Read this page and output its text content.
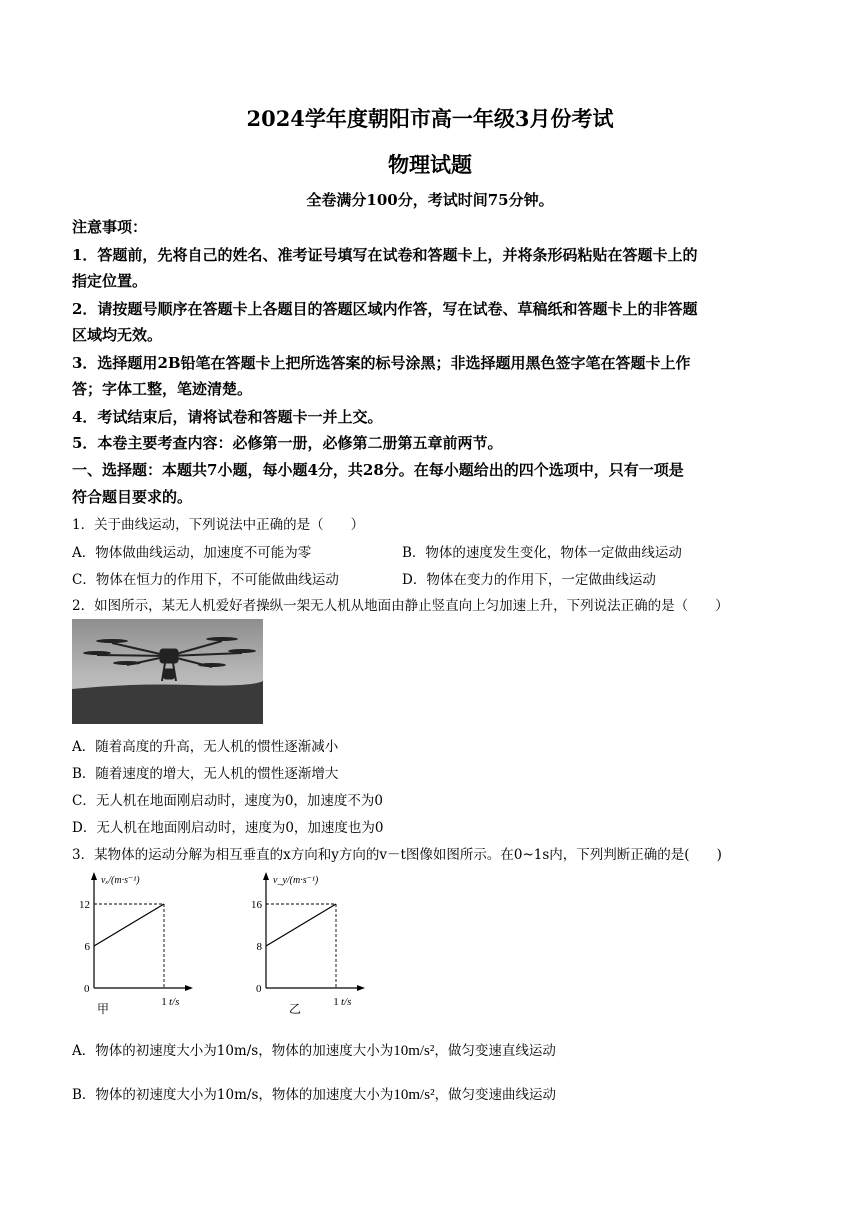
2024学年度朝阳市高一年级3月份考试
物理试题
全卷满分100分，考试时间75分钟。
注意事项：
1．答题前，先将自己的姓名、准考证号填写在试卷和答题卡上，并将条形码粘贴在答题卡上的
指定位置。
2．请按题号顺序在答题卡上各题目的答题区域内作答，写在试卷、草稿纸和答题卡上的非答题
区域均无效。
3．选择题用2B铅笔在答题卡上把所选答案的标号涂黑；非选择题用黑色签字笔在答题卡上作
答；字体工整，笔迹清楚。
4．考试结束后，请将试卷和答题卡一并上交。
5．本卷主要考查内容：必修第一册，必修第二册第五章前两节。
一、选择题：本题共7小题，每小题4分，共28分。在每小题给出的四个选项中，只有一项是
符合题目要求的。
1．关于曲线运动，下列说法中正确的是（　　）
A．物体做曲线运动，加速度不可能为零	B．物体的速度发生变化，物体一定做曲线运动
C．物体在恒力的作用下，不可能做曲线运动	D．物体在变力的作用下，一定做曲线运动
2．如图所示，某无人机爱好者操纵一架无人机从地面由静止竖直向上匀加速上升，下列说法正确的是（　　）
A．随着高度的升高，无人机的惯性逐渐减小
B．随着速度的增大，无人机的惯性逐渐增大
C．无人机在地面刚启动时，速度为0，加速度不为0
D．无人机在地面刚启动时，速度为0，加速度也为0
3．某物体的运动分解为相互垂直的x方向和y方向的v－t图像如图所示。在0~1s内，下列判断正确的是(　　)
vₓ/(m·s⁻¹)
t/s
0
6
12
1
甲
v_y/(m·s⁻¹)
t/s
0
8
16
1
乙
A．物体的初速度大小为10m/s，物体的加速度大小为10m/s²，做匀变速直线运动
B．物体的初速度大小为10m/s，物体的加速度大小为10m/s²，做匀变速曲线运动
